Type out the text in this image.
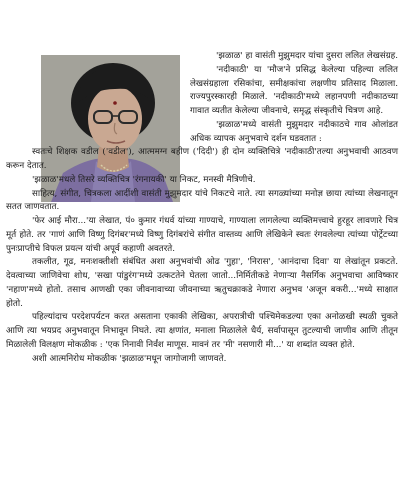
'झळाळ' हा वासंती मुझुमदार यांचा दुसरा ललित लेखसंग्रह.

'नदीकाठी' या 'मौज'ने प्रसिद्ध केलेल्या पहिल्या ललित लेखसंग्रहाला रसिकांचा, समीक्षकांचा लक्षणीय प्रतिसाद मिळाला. राज्यपुरस्कारही मिळाले. 'नदीकाठी'मध्ये लहानपणी नदीकाठच्या गावात व्यतीत केलेल्या जीवनाचे, समृद्ध संस्कृतीचे चित्रण आहे.

'झळाळ'मध्ये वासंती मुझुमदार नदीकाठचे गाव ओलांडत अधिक व्यापक अनुभवाचे दर्शन घडवतात :

स्वतःचे शिक्षक वडील ('वडील'), आत्ममग्न बहीण ('दिदी') ही दोन व्यक्तिचित्रे 'नदीकाठी'तल्या अनुभवाची आठवण करून देतात.

'झळाळ'मधले तिसरे व्यक्तिचित्र 'रंगनायकी' या निकट, मनस्वी मैत्रिणीचे.

साहित्य, संगीत, चित्रकला आदींशी वासंती मुझुमदार यांचे निकटचे नाते. त्या सगळ्यांच्या मनोज्ञ छाया त्यांच्या लेखनातून सतत जाणवतात.

'फेर आई मौरा...'या लेखात, पं० कुमार गंधर्व यांच्या गाण्याचे, गाण्याला लागलेल्या व्यक्तिमत्त्वाचे हुरहूर लावणारे चित्र मूर्त होते. तर 'गाणं आणि विष्णु दिगंबर'मध्ये विष्णु दिगंबरांचे संगीत वास्तव्य आणि लेखिकेने स्वतः रंगवलेल्या त्यांच्या पोर्ट्रेटच्या पुनःप्राप्तीचे विफल प्रयत्न यांची अपूर्व कहाणी अवतरते.

तकलीत, गूढ, मनःशक्तीशी संबंधित अशा अनुभवांची ओढ 'गुहा', 'निरास', 'आनंदाचा दिवा' या लेखांतून प्रकटते. देवत्वाच्या जाणिवेचा शोध, 'सखा पांडुरंग'मध्ये उत्कटतेने घेतला जातो...निर्मितीकडे नेणाऱ्या नैसर्गिक अनुभवाचा आविष्कार 'नहाण'मध्ये होतो. तसाच आणखी एका जीवनावाच्या जीवनाच्या ऋतुचक्राकडे नेणारा अनुभव 'अजून बकरी...'मध्ये साक्षात होतो.

पहिल्यांदाच परदेशपर्यटन करत असताना एकाकी लेखिका, अपरात्रीची पश्चिमेकडल्या एका अनोळखी स्थळी चुकते आणि त्या भयप्रद अनुभवातून निभावून निघते. त्या क्षणांत, मनाला मिळालेले धैर्य, सर्वापासून तुटल्याची जाणीव आणि तीतून मिळालेली विलक्षण मोकळीक : 'एक निनावी निर्वंश माणूस. मावनं तर 'मी' नसणारी मी...' या शब्दांत व्यक्त होते.

अशी आत्मनिरोध मोकळीक 'झळाळ'मधून जागोजागी जाणवते.
